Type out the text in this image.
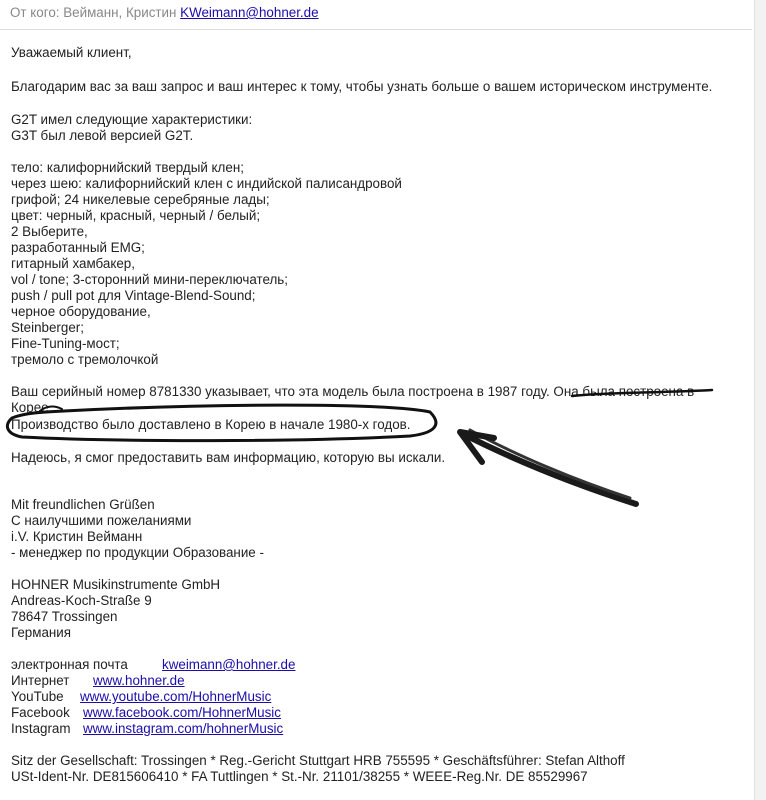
От кого: Вейманн, Кристин KWeimann@hohner.de
Уважаемый клиент,
Благодарим вас за ваш запрос и ваш интерес к тому, чтобы узнать больше о вашем историческом инструменте.
G2T имел следующие характеристики:
G3T был левой версией G2T.
тело: калифорнийский твердый клен;
через шею: калифорнийский клен с индийской палисандровой
грифой; 24 никелевые серебряные лады;
цвет: черный, красный, черный / белый;
2 Выберите,
разработанный EMG;
гитарный хамбакер,
vol / tone; 3-сторонний мини-переключатель;
push / pull pot для Vintage-Blend-Sound;
черное оборудование,
Steinberger;
Fine-Tuning-мост;
тремоло с тремолочкой
Ваш серийный номер 8781330 указывает, что эта модель была построена в 1987 году. Она была построена в
Корее.
Производство было доставлено в Корею в начале 1980-х годов.
Надеюсь, я смог предоставить вам информацию, которую вы искали.
Mit freundlichen Grüßen
С наилучшими пожеланиями
i.V. Кристин Вейманн
- менеджер по продукции Образование -
HOHNER Musikinstrumente GmbH
Andreas-Koch-Straße 9
78647 Trossingen
Германия
электронная почта	kweimann@hohner.de
Интернет www.hohner.de
YouTube www.youtube.com/HohnerMusic
Facebook www.facebook.com/HohnerMusic
Instagram www.instagram.com/hohnerMusic
Sitz der Gesellschaft: Trossingen * Reg.-Gericht Stuttgart HRB 755595 * Geschäftsführer: Stefan Althoff
USt-Ident-Nr. DE815606410 * FA Tuttlingen * St.-Nr. 21101/38255 * WEEE-Reg.Nr. DE 85529967
